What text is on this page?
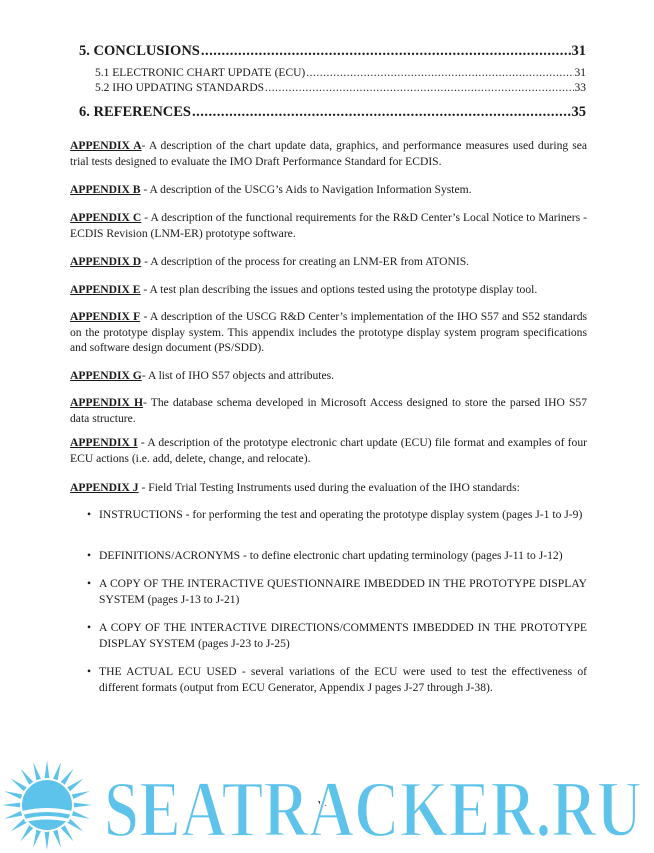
5. CONCLUSIONS .....	31
5.1 ELECTRONIC CHART UPDATE (ECU) .....	31
5.2 IHO UPDATING STANDARDS .....	33
6. REFERENCES .....	35
APPENDIX A- A description of the chart update data, graphics, and performance measures used during sea trial tests designed to evaluate the IMO Draft Performance Standard for ECDIS.
APPENDIX B - A description of the USCG’s Aids to Navigation Information System.
APPENDIX C - A description of the functional requirements for the R&D Center’s Local Notice to Mariners - ECDIS Revision (LNM-ER) prototype software.
APPENDIX D - A description of the process for creating an LNM-ER from ATONIS.
APPENDIX E - A test plan describing the issues and options tested using the prototype display tool.
APPENDIX F - A description of the USCG R&D Center’s implementation of the IHO S57 and S52 standards on the prototype display system. This appendix includes the prototype display system program specifications and software design document (PS/SDD).
APPENDIX G- A list of IHO S57 objects and attributes.
APPENDIX H- The database schema developed in Microsoft Access designed to store the parsed IHO S57 data structure.
APPENDIX I - A description of the prototype electronic chart update (ECU) file format and examples of four ECU actions (i.e. add, delete, change, and relocate).
APPENDIX J - Field Trial Testing Instruments used during the evaluation of the IHO standards:
• INSTRUCTIONS - for performing the test and operating the prototype display system (pages J-1 to J-9)
• DEFINITIONS/ACRONYMS - to define electronic chart updating terminology (pages J-11 to J-12)
• A COPY OF THE INTERACTIVE QUESTIONNAIRE IMBEDDED IN THE PROTOTYPE DISPLAY SYSTEM (pages J-13 to J-21)
• A COPY OF THE INTERACTIVE DIRECTIONS/COMMENTS IMBEDDED IN THE PROTOTYPE DISPLAY SYSTEM (pages J-23 to J-25)
• THE ACTUAL ECU USED - several variations of the ECU were used to test the effectiveness of different formats (output from ECU Generator, Appendix J pages J-27 through J-38).
vi
SEATRACKER.RU
